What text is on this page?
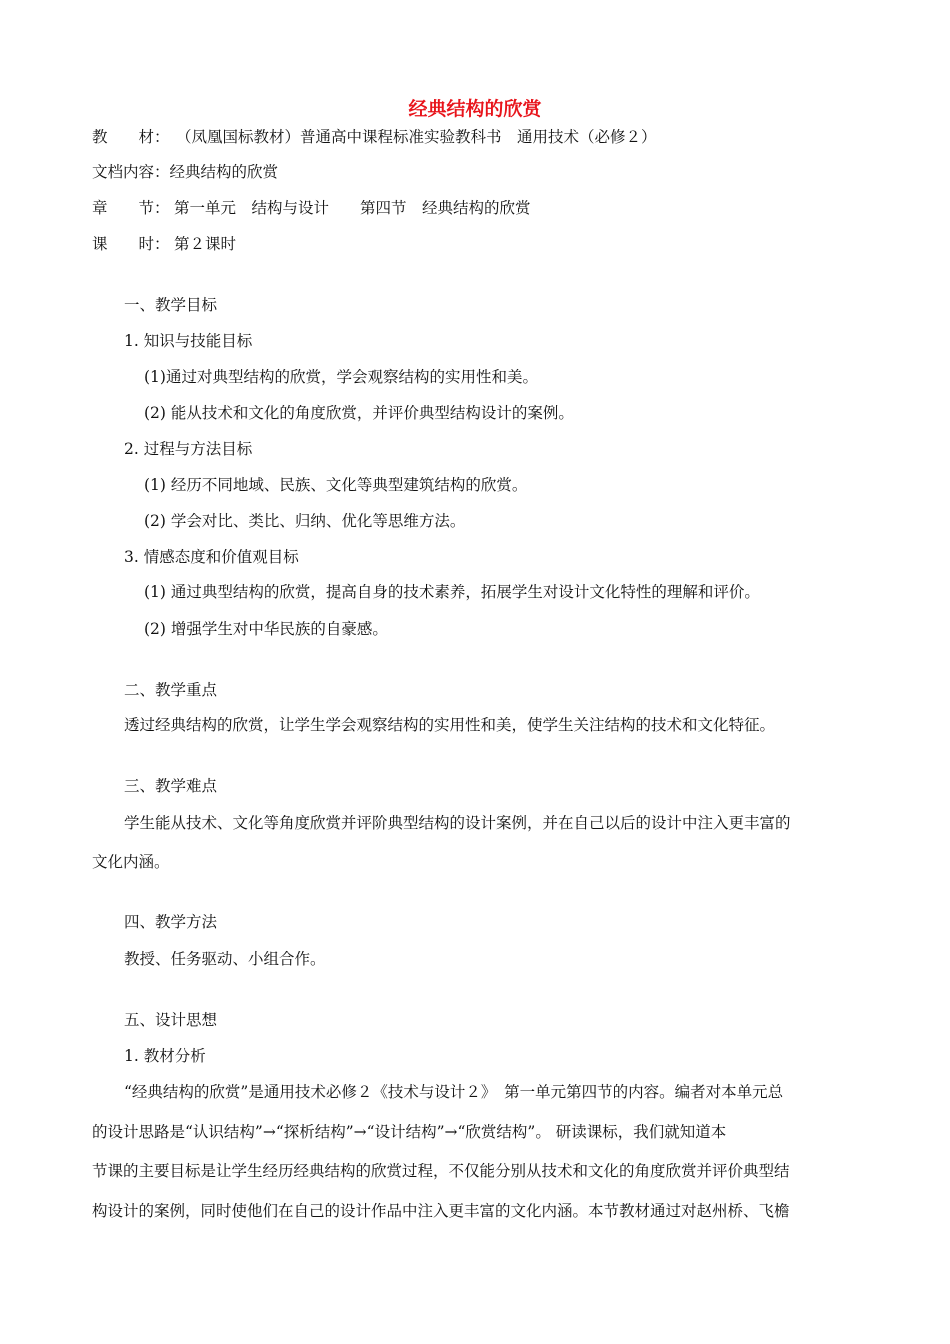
经典结构的欣赏
教　　材： （凤凰国标教材）普通高中课程标准实验教科书　通用技术（必修２）
文档内容：经典结构的欣赏
章　　节： 第一单元　结构与设计　　第四节　经典结构的欣赏
课　　时： 第２课时
一、教学目标
1. 知识与技能目标
(1)通过对典型结构的欣赏，学会观察结构的实用性和美。
(2) 能从技术和文化的角度欣赏，并评价典型结构设计的案例。
2. 过程与方法目标
(1) 经历不同地域、民族、文化等典型建筑结构的欣赏。
(2) 学会对比、类比、归纳、优化等思维方法。
3. 情感态度和价值观目标
(1) 通过典型结构的欣赏，提高自身的技术素养，拓展学生对设计文化特性的理解和评价。
(2) 增强学生对中华民族的自豪感。
二、教学重点
透过经典结构的欣赏，让学生学会观察结构的实用性和美，使学生关注结构的技术和文化特征。
三、教学难点
学生能从技术、文化等角度欣赏并评阶典型结构的设计案例，并在自己以后的设计中注入更丰富的
文化内涵。
四、教学方法
教授、任务驱动、小组合作。
五、设计思想
1. 教材分析
“经典结构的欣赏”是通用技术必修２《技术与设计２》　第一单元第四节的内容。编者对本单元总
的设计思路是“认识结构”→“探析结构”→“设计结构”→“欣赏结构”。 研读课标，我们就知道本
节课的主要目标是让学生经历经典结构的欣赏过程，不仅能分别从技术和文化的角度欣赏并评价典型结
构设计的案例，同时使他们在自己的设计作品中注入更丰富的文化内涵。本节教材通过对赵州桥、飞檐
